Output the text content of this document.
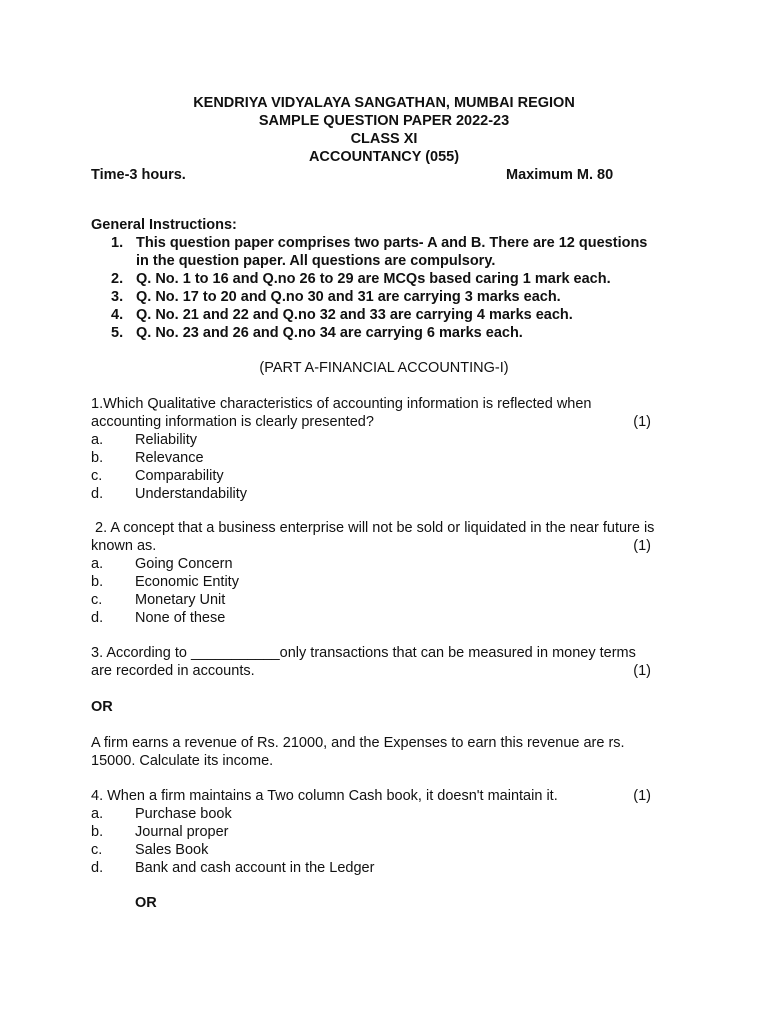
KENDRIYA VIDYALAYA SANGATHAN, MUMBAI REGION
SAMPLE QUESTION PAPER 2022-23
CLASS XI
ACCOUNTANCY (055)
Time-3 hours.	Maximum M. 80
General Instructions:
1. This question paper comprises two parts- A and B. There are 12 questions
in the question paper. All questions are compulsory.
2. Q. No. 1 to 16 and Q.no 26 to 29 are MCQs based caring 1 mark each.
3. Q. No. 17 to 20 and Q.no 30 and 31 are carrying 3 marks each.
4. Q. No. 21 and 22 and Q.no 32 and 33 are carrying 4 marks each.
5. Q. No. 23 and 26 and Q.no 34 are carrying 6 marks each.
(PART A-FINANCIAL ACCOUNTING-I)
1.Which Qualitative characteristics of accounting information is reflected when
accounting information is clearly presented?	(1)
a. Reliability
b. Relevance
c. Comparability
d. Understandability
2. A concept that a business enterprise will not be sold or liquidated in the near future is
known as.	(1)
a. Going Concern
b. Economic Entity
c. Monetary Unit
d. None of these
3. According to ___________only transactions that can be measured in money terms
are recorded in accounts.	(1)
OR
A firm earns a revenue of Rs. 21000, and the Expenses to earn this revenue are rs.
15000. Calculate its income.
4. When a firm maintains a Two column Cash book, it doesn't maintain it.	(1)
a. Purchase book
b. Journal proper
c. Sales Book
d. Bank and cash account in the Ledger
OR
